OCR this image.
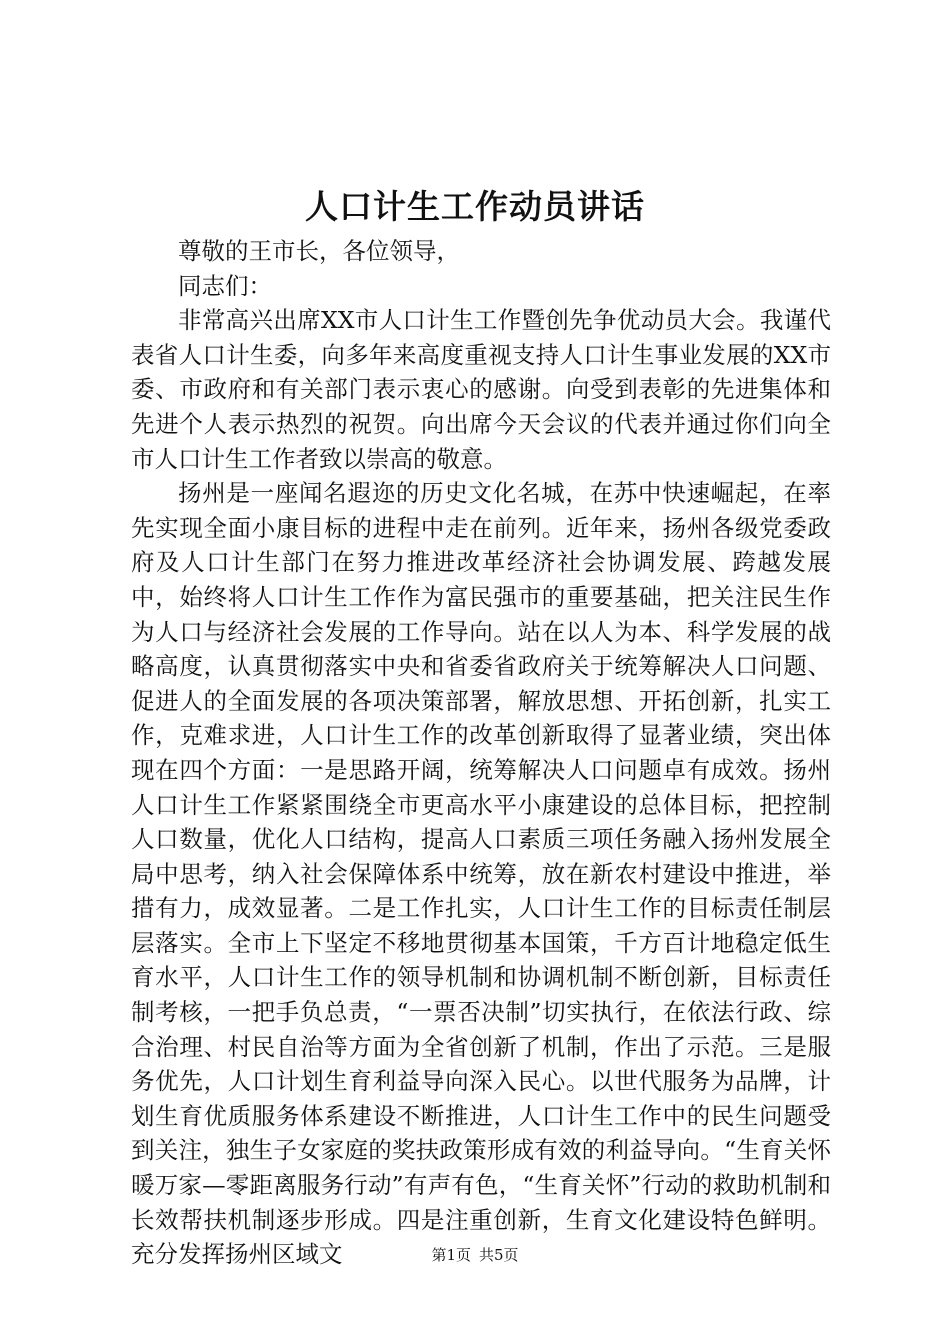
人口计生工作动员讲话

尊敬的王市长，各位领导，

同志们：

非常高兴出席XX市人口计生工作暨创先争优动员大会。我谨代表省人口计生委，向多年来高度重视支持人口计生事业发展的XX市委、市政府和有关部门表示衷心的感谢。向受到表彰的先进集体和先进个人表示热烈的祝贺。向出席今天会议的代表并通过你们向全市人口计生工作者致以崇高的敬意。

扬州是一座闻名遐迩的历史文化名城，在苏中快速崛起，在率先实现全面小康目标的进程中走在前列。近年来，扬州各级党委政府及人口计生部门在努力推进改革经济社会协调发展、跨越发展中，始终将人口计生工作作为富民强市的重要基础，把关注民生作为人口与经济社会发展的工作导向。站在以人为本、科学发展的战略高度，认真贯彻落实中央和省委省政府关于统筹解决人口问题、促进人的全面发展的各项决策部署，解放思想、开拓创新，扎实工作，克难求进，人口计生工作的改革创新取得了显著业绩，突出体现在四个方面：一是思路开阔，统筹解决人口问题卓有成效。扬州人口计生工作紧紧围绕全市更高水平小康建设的总体目标，把控制人口数量，优化人口结构，提高人口素质三项任务融入扬州发展全局中思考，纳入社会保障体系中统筹，放在新农村建设中推进，举措有力，成效显著。二是工作扎实，人口计生工作的目标责任制层层落实。全市上下坚定不移地贯彻基本国策，千方百计地稳定低生育水平，人口计生工作的领导机制和协调机制不断创新，目标责任制考核，一把手负总责，“一票否决制”切实执行，在依法行政、综合治理、村民自治等方面为全省创新了机制，作出了示范。三是服务优先，人口计划生育利益导向深入民心。以世代服务为品牌，计划生育优质服务体系建设不断推进，人口计生工作中的民生问题受到关注，独生子女家庭的奖扶政策形成有效的利益导向。“生育关怀暖万家—零距离服务行动”有声有色，“生育关怀”行动的救助机制和长效帮扶机制逐步形成。四是注重创新，生育文化建设特色鲜明。充分发挥扬州区域文	第1页 共5页
